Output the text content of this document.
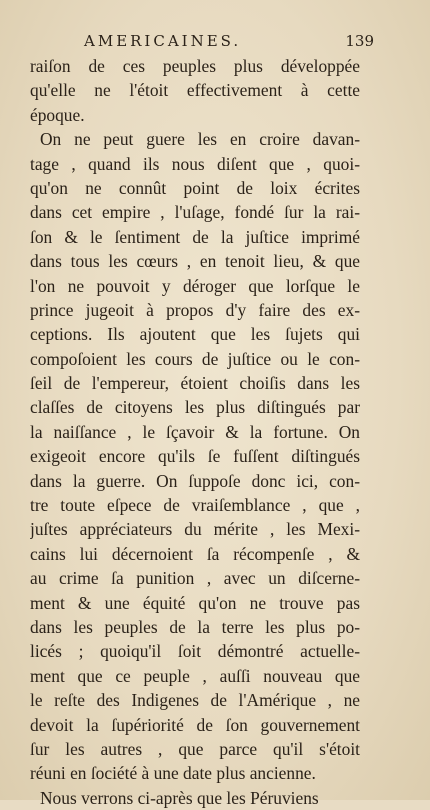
AMERICAINES.	139
raiſon de ces peuples plus développée
qu'elle ne l'étoit effectivement à cette
époque.
On ne peut guere les en croire davan-
tage , quand ils nous diſent que , quoi-
qu'on ne connût point de loix écrites
dans cet empire , l'uſage, fondé ſur la rai-
ſon & le ſentiment de la juſtice imprimé
dans tous les cœurs , en tenoit lieu, & que
l'on ne pouvoit y déroger que lorſque le
prince jugeoit à propos d'y faire des ex-
ceptions. Ils ajoutent que les ſujets qui
compoſoient les cours de juſtice ou le con-
ſeil de l'empereur, étoient choiſis dans les
claſſes de citoyens les plus diſtingués par
la naiſſance , le ſçavoir & la fortune. On
exigeoit encore qu'ils ſe fuſſent diſtingués
dans la guerre. On ſuppoſe donc ici, con-
tre toute eſpece de vraiſemblance , que ,
juſtes appréciateurs du mérite , les Mexi-
cains lui décernoient ſa récompenſe , &
au crime ſa punition , avec un diſcerne-
ment & une équité qu'on ne trouve pas
dans les peuples de la terre les plus po-
licés ; quoiqu'il ſoit démontré actuelle-
ment que ce peuple , auſſi nouveau que
le reſte des Indigenes de l'Amérique , ne
devoit la ſupériorité de ſon gouvernement
ſur les autres , que parce qu'il s'étoit
réuni en ſociété à une date plus ancienne.
Nous verrons ci-après que les Péruviens
